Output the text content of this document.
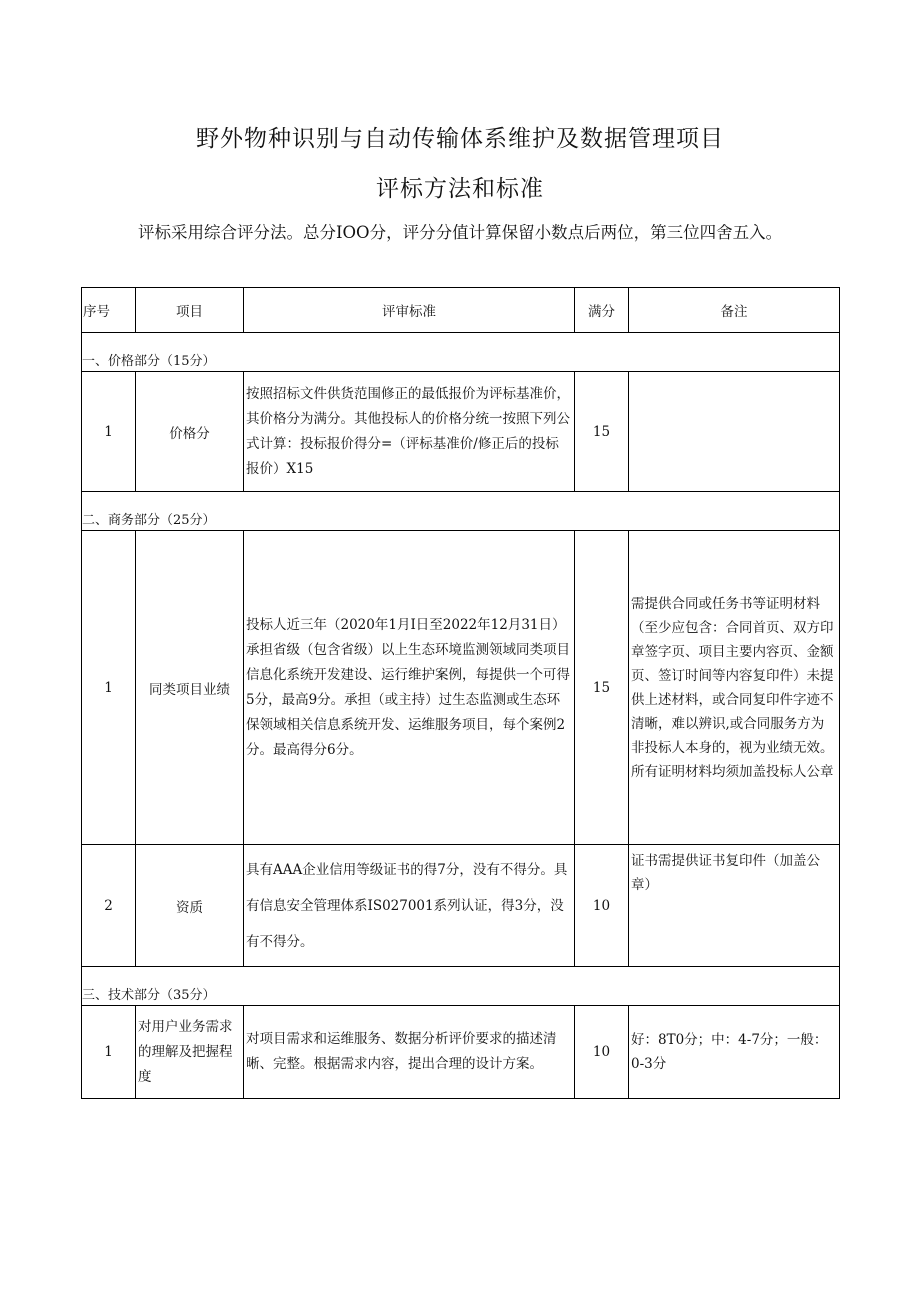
野外物种识别与自动传输体系维护及数据管理项目
评标方法和标准
评标采用综合评分法。总分IOO分，评分分值计算保留小数点后两位，第三位四舍五入。
序号	项目	评审标准	满分	备注
一、价格部分（15分）				
1	价格分	按照招标文件供货范围修正的最低报价为评标基准价，其价格分为满分。其他投标人的价格分统一按照下列公式计算：投标报价得分=（评标基准价/修正后的投标报价）X15	15	
二、商务部分（25分）				
1	同类项目业绩	投标人近三年（2020年1月I日至2022年12月31日）承担省级（包含省级）以上生态环境监测领域同类项目信息化系统开发建设、运行维护案例，每提供一个可得5分，最高9分。承担（或主持）过生态监测或生态环保领域相关信息系统开发、运维服务项目，每个案例2分。最高得分6分。	15	需提供合同或任务书等证明材料（至少应包含：合同首页、双方印章签字页、项目主要内容页、金额页、签订时间等内容复印件）未提供上述材料，或合同复印件字迹不清晰，难以辨识,或合同服务方为非投标人本身的，视为业绩无效。所有证明材料均须加盖投标人公章
2	资质	具有AAA企业信用等级证书的得7分，没有不得分。具有信息安全管理体系IS027001系列认证，得3分，没有不得分。	10	证书需提供证书复印件（加盖公章）
三、技术部分（35分）				
1	对用户业务需求的理解及把握程度	对项目需求和运维服务、数据分析评价要求的描述清晰、完整。根据需求内容，提出合理的设计方案。	10	好：8T0分；中：4-7分；一般：0-3分
